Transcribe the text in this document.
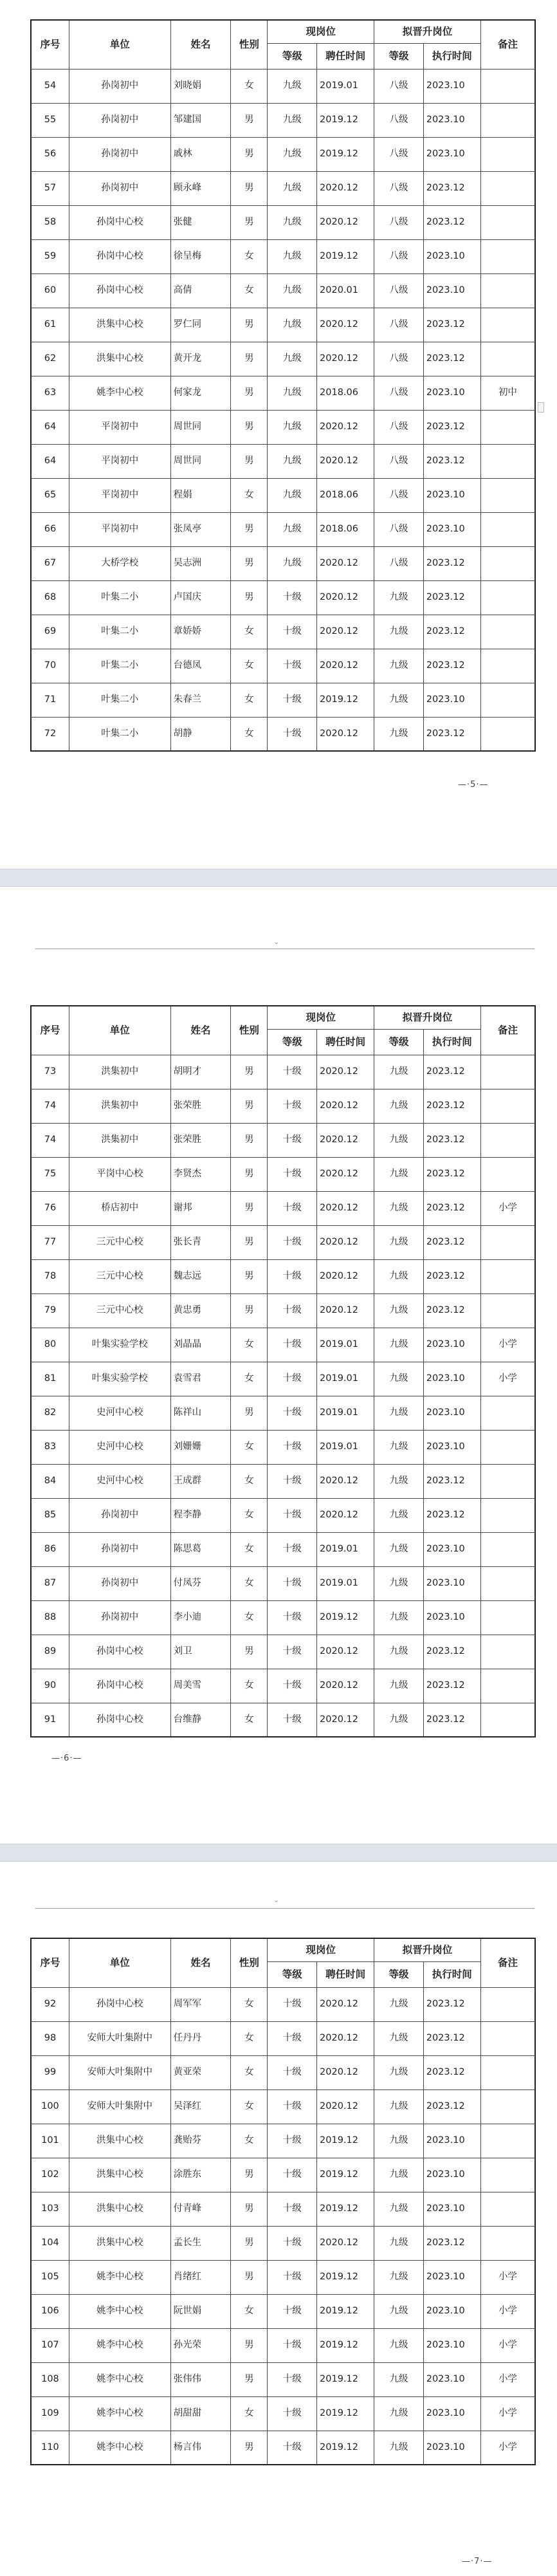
序号	单位	姓名	性别	现岗位		拟晋升岗位		备注
				等级	聘任时间	等级	执行时间	
54	孙岗初中	刘晓娟	女	九级	2019.01	八级	2023.10	
55	孙岗初中	邹建国	男	九级	2019.12	八级	2023.10	
56	孙岗初中	戚林	男	九级	2019.12	八级	2023.10	
57	孙岗初中	顾永峰	男	九级	2020.12	八级	2023.12	
58	孙岗中心校	张健	男	九级	2020.12	八级	2023.12	
59	孙岗中心校	徐呈梅	女	九级	2019.12	八级	2023.10	
60	孙岗中心校	高倩	女	九级	2020.01	八级	2023.10	
61	洪集中心校	罗仁同	男	九级	2020.12	八级	2023.12	
62	洪集中心校	黄开龙	男	九级	2020.12	八级	2023.12	
63	姚李中心校	何家龙	男	九级	2018.06	八级	2023.10	初中
64	平岗初中	周世同	男	九级	2020.12	八级	2023.12	
64	平岗初中	周世同	男	九级	2020.12	八级	2023.12	
65	平岗初中	程娟	女	九级	2018.06	八级	2023.10	
66	平岗初中	张凤亭	男	九级	2018.06	八级	2023.10	
67	大桥学校	吴志洲	男	九级	2020.12	八级	2023.12	
68	叶集二小	卢国庆	男	十级	2020.12	九级	2023.12	
69	叶集二小	章娇娇	女	十级	2020.12	九级	2023.12	
70	叶集二小	台德凤	女	十级	2020.12	九级	2023.12	
71	叶集二小	朱春兰	女	十级	2019.12	九级	2023.10	
72	叶集二小	胡静	女	十级	2020.12	九级	2023.12	
—·5·—
⌄
序号	单位	姓名	性别	现岗位		拟晋升岗位		备注
				等级	聘任时间	等级	执行时间	
73	洪集初中	胡明才	男	十级	2020.12	九级	2023.12	
74	洪集初中	张荣胜	男	十级	2020.12	九级	2023.12	
74	洪集初中	张荣胜	男	十级	2020.12	九级	2023.12	
75	平岗中心校	李贤杰	男	十级	2020.12	九级	2023.12	
76	桥店初中	谢邦	男	十级	2020.12	九级	2023.12	小学
77	三元中心校	张长青	男	十级	2020.12	九级	2023.12	
78	三元中心校	魏志远	男	十级	2020.12	九级	2023.12	
79	三元中心校	黄忠勇	男	十级	2020.12	九级	2023.12	
80	叶集实验学校	刘晶晶	女	十级	2019.01	九级	2023.10	小学
81	叶集实验学校	袁雪君	女	十级	2019.01	九级	2023.10	小学
82	史河中心校	陈祥山	男	十级	2019.01	九级	2023.10	
83	史河中心校	刘姗姗	女	十级	2019.01	九级	2023.10	
84	史河中心校	王成群	女	十级	2020.12	九级	2023.12	
85	孙岗初中	程李静	女	十级	2020.12	九级	2023.12	
86	孙岗初中	陈思葛	女	十级	2019.01	九级	2023.10	
87	孙岗初中	付凤芬	女	十级	2019.01	九级	2023.10	
88	孙岗初中	李小迪	女	十级	2019.12	九级	2023.10	
89	孙岗中心校	刘卫	男	十级	2020.12	九级	2023.12	
90	孙岗中心校	周美雪	女	十级	2020.12	九级	2023.12	
91	孙岗中心校	台维静	女	十级	2020.12	九级	2023.12	
—·6·—
⌄
序号	单位	姓名	性别	现岗位		拟晋升岗位		备注
				等级	聘任时间	等级	执行时间	
92	孙岗中心校	周军军	女	十级	2020.12	九级	2023.12	
98	安师大叶集附中	任丹丹	女	十级	2020.12	九级	2023.12	
99	安师大叶集附中	黄亚荣	女	十级	2020.12	九级	2023.12	
100	安师大叶集附中	吴泽红	女	十级	2020.12	九级	2023.12	
101	洪集中心校	龚贻芬	女	十级	2019.12	九级	2023.10	
102	洪集中心校	涂胜东	男	十级	2019.12	九级	2023.10	
103	洪集中心校	付青峰	男	十级	2019.12	九级	2023.10	
104	洪集中心校	孟长生	男	十级	2020.12	九级	2023.12	
105	姚李中心校	肖绪红	男	十级	2019.12	九级	2023.10	小学
106	姚李中心校	阮世娟	女	十级	2019.12	九级	2023.10	小学
107	姚李中心校	孙光荣	男	十级	2019.12	九级	2023.10	小学
108	姚李中心校	张伟伟	男	十级	2019.12	九级	2023.10	小学
109	姚李中心校	胡甜甜	女	十级	2019.12	九级	2023.10	小学
110	姚李中心校	杨言伟	男	十级	2019.12	九级	2023.10	小学
—·7·—
